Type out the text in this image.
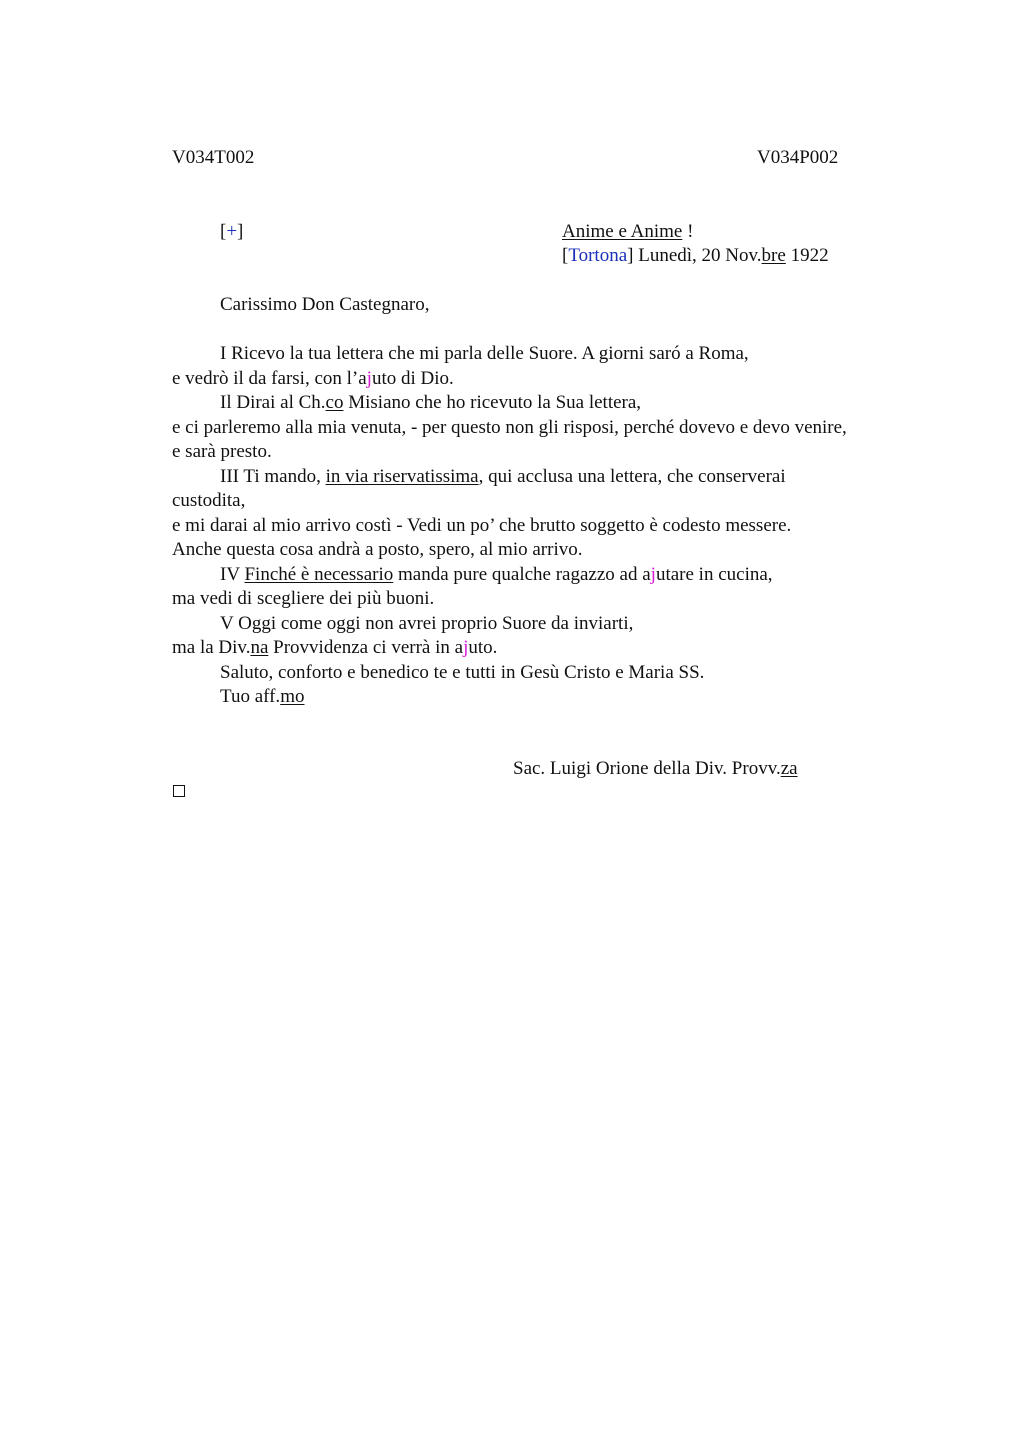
V034T002	V034P002
[+]	Anime e Anime !
[Tortona] Lunedì, 20 Nov.bre 1922
Carissimo Don Castegnaro,

I Ricevo la tua lettera che mi parla delle Suore. A giorni saró a Roma,

e vedrò il da farsi, con l’ajuto di Dio.

Il Dirai al Ch.co Misiano che ho ricevuto la Sua lettera,

e ci parleremo alla mia venuta, - per questo non gli risposi, perché dovevo e devo venire,

e sarà presto.

III Ti mando, in via riservatissima, qui acclusa una lettera, che conserverai custodita,

e mi darai al mio arrivo costì - Vedi un po’ che brutto soggetto è codesto messere.

Anche questa cosa andrà a posto, spero, al mio arrivo.

IV Finché è necessario manda pure qualche ragazzo ad ajutare in cucina,

ma vedi di scegliere dei più buoni.

V Oggi come oggi non avrei proprio Suore da inviarti,

ma la Div.na Provvidenza ci verrà in ajuto.

Saluto, conforto e benedico te e tutti in Gesù Cristo e Maria SS.

Tuo aff.mo

Sac. Luigi Orione della Div. Provv.za
